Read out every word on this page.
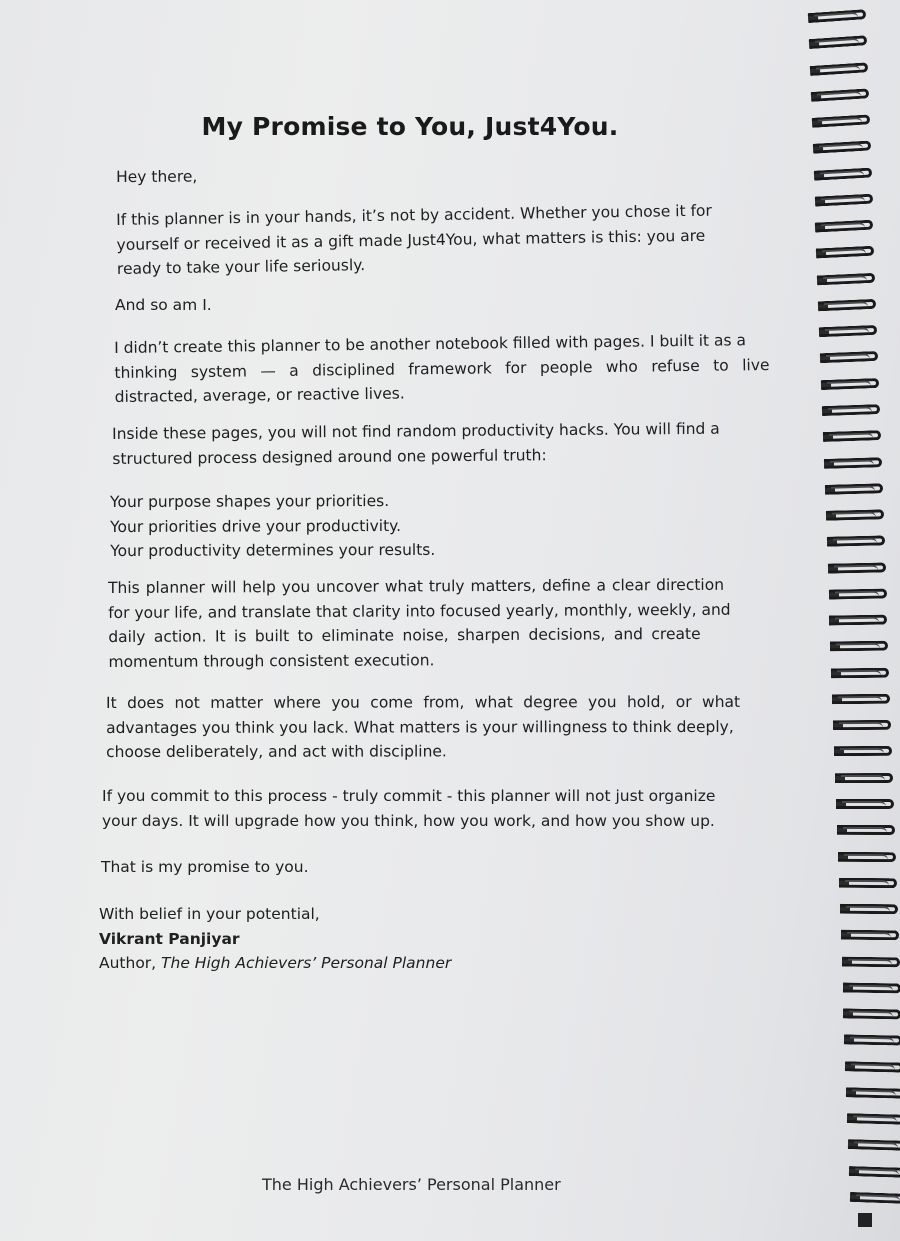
My Promise to You, Just4You.
Hey there,
If this planner is in your hands, it’s not by accident. Whether you chose it for
yourself or received it as a gift made Just4You, what matters is this: you are
ready to take your life seriously.
And so am I.
I didn’t create this planner to be another notebook filled with pages. I built it as a
thinking system — a disciplined framework for people who refuse to live
distracted, average, or reactive lives.
Inside these pages, you will not find random productivity hacks. You will find a
structured process designed around one powerful truth:
Your purpose shapes your priorities.
Your priorities drive your productivity.
Your productivity determines your results.
This planner will help you uncover what truly matters, define a clear direction
for your life, and translate that clarity into focused yearly, monthly, weekly, and
daily action. It is built to eliminate noise, sharpen decisions, and create
momentum through consistent execution.
It does not matter where you come from, what degree you hold, or what
advantages you think you lack. What matters is your willingness to think deeply,
choose deliberately, and act with discipline.
If you commit to this process - truly commit - this planner will not just organize
your days. It will upgrade how you think, how you work, and how you show up.
That is my promise to you.
With belief in your potential,
Vikrant Panjiyar
Author, The High Achievers’ Personal Planner
The High Achievers’ Personal Planner
